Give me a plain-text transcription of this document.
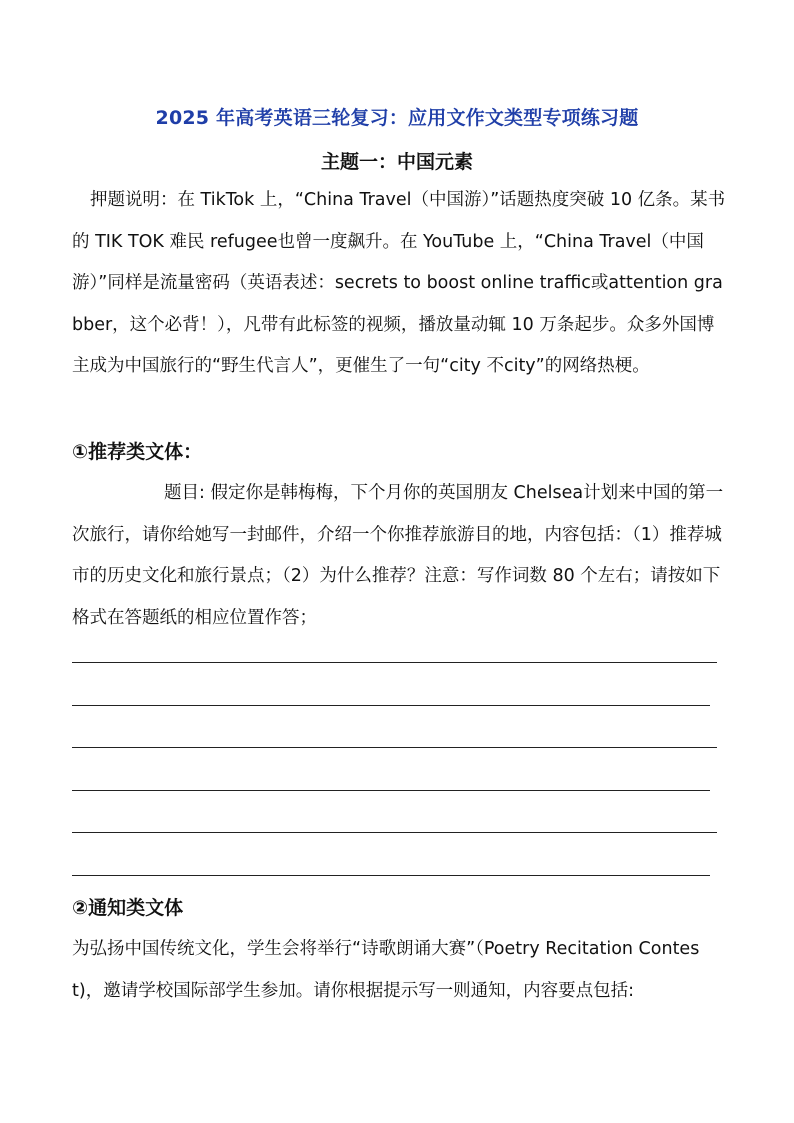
2025 年高考英语三轮复习：应用文作文类型专项练习题
主题一：中国元素
押题说明：在 TikTok 上，“China Travel（中国游）”话题热度突破 10 亿条。某书的 TIK TOK 难民 refugee也曾一度飙升。在 YouTube 上，“China Travel（中国游）”同样是流量密码（英语表述：secrets to boost online traffic或attention grabber，这个必背！），凡带有此标签的视频，播放量动辄 10 万条起步。众多外国博主成为中国旅行的“野生代言人”，更催生了一句“city 不city”的网络热梗。
①推荐类文体：
题目: 假定你是韩梅梅，下个月你的英国朋友 Chelsea计划来中国的第一次旅行，请你给她写一封邮件，介绍一个你推荐旅游目的地，内容包括：（1）推荐城市的历史文化和旅行景点；（2）为什么推荐？注意：写作词数 80 个左右；请按如下格式在答题纸的相应位置作答；
②通知类文体
为弘扬中国传统文化，学生会将举行“诗歌朗诵大赛”（Poetry Recitation Contest)，邀请学校国际部学生参加。请你根据提示写一则通知，内容要点包括:
